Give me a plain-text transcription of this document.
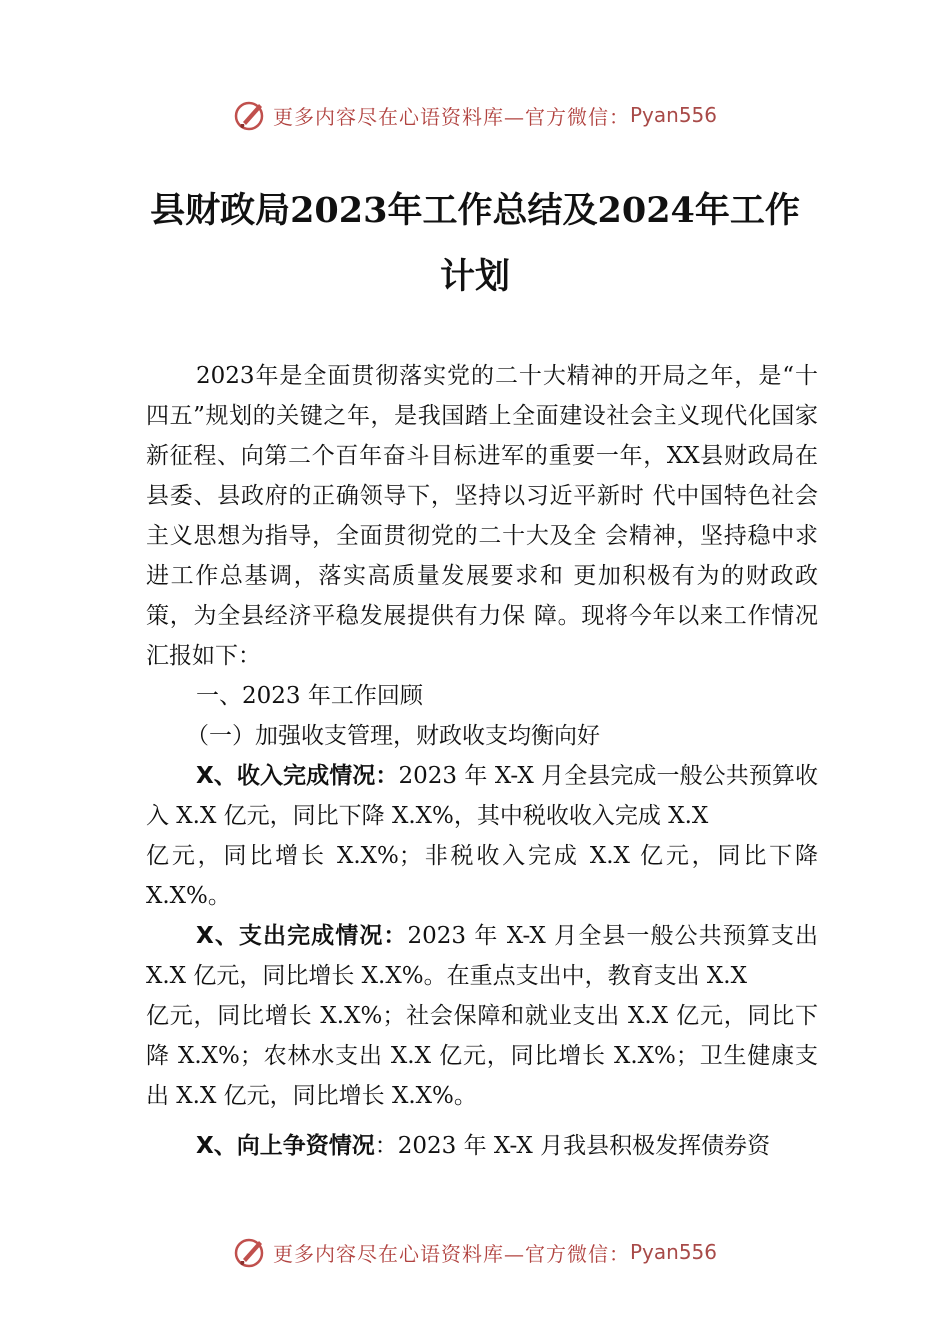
更多内容尽在心语资料库—官方微信： Pyan556
县财政局2023年工作总结及2024年工作
计划

2023年是全面贯彻落实党的二十大精神的开局之年，是“十四五”规划的关键之年，是我国踏上全面建设社会主义现代化国家新征程、向第二个百年奋斗目标进军的重要一年，XX县财政局在县委、县政府的正确领导下，坚持以习近平新时 代中国特色社会主义思想为指导，全面贯彻党的二十大及全 会精神，坚持稳中求进工作总基调，落实高质量发展要求和 更加积极有为的财政政策，为全县经济平稳发展提供有力保 障。现将今年以来工作情况汇报如下：

一、2023 年工作回顾

（一）加强收支管理，财政收支均衡向好

X、收入完成情况：2023 年 X-X 月全县完成一般公共预算收入 X.X 亿元，同比下降 X.X%，其中税收收入完成 X.X

亿元，同比增长 X.X%；非税收入完成 X.X 亿元，同比下降 X.X%。

X、支出完成情况：2023 年 X-X 月全县一般公共预算支出 X.X 亿元，同比增长 X.X%。在重点支出中，教育支出 X.X

亿元，同比增长 X.X%；社会保障和就业支出 X.X 亿元，同比下降 X.X%；农林水支出 X.X 亿元，同比增长 X.X%；卫生健康支出 X.X 亿元，同比增长 X.X%。

X、向上争资情况：2023 年 X-X 月我县积极发挥债券资

更多内容尽在心语资料库—官方微信： Pyan556
